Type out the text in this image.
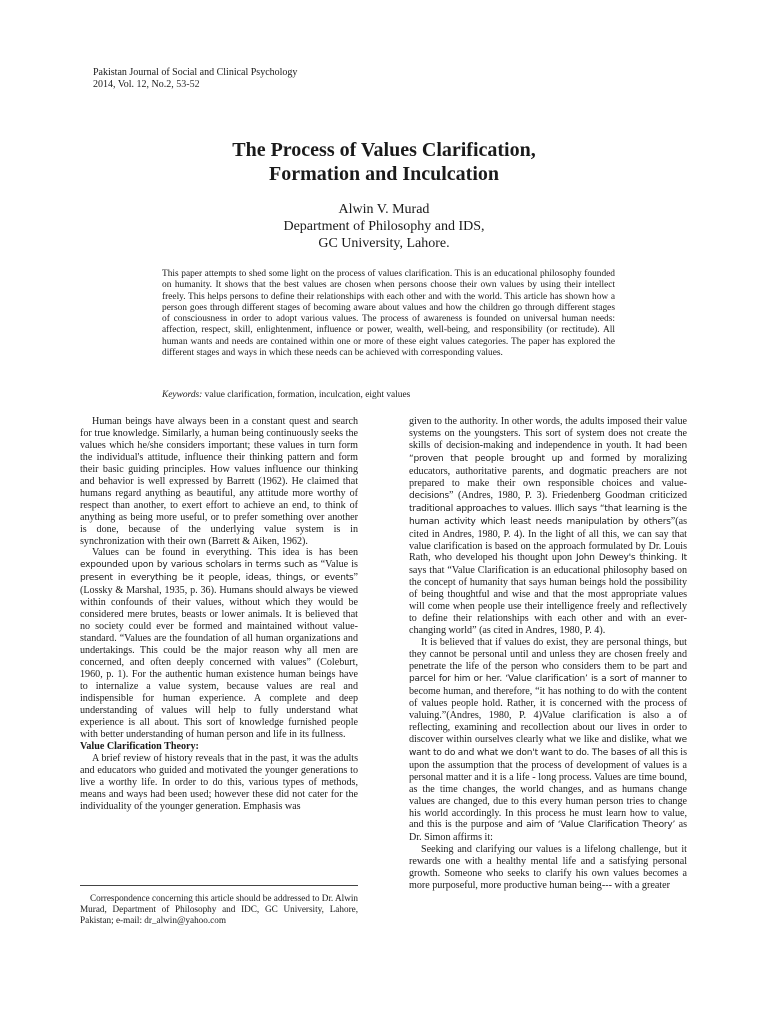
Pakistan Journal of Social and Clinical Psychology
2014, Vol. 12, No.2, 53-52
The Process of Values Clarification,
Formation and Inculcation
Alwin V. Murad
Department of Philosophy and IDS,
GC University, Lahore.
This paper attempts to shed some light on the process of values clarification. This is an educational philosophy founded on humanity. It shows that the best values are chosen when persons choose their own values by using their intellect freely. This helps persons to define their relationships with each other and with the world. This article has shown how a person goes through different stages of becoming aware about values and how the children go through different stages of consciousness in order to adopt various values. The process of awareness is founded on universal human needs: affection, respect, skill, enlightenment, influence or power, wealth, well-being, and responsibility (or rectitude). All human wants and needs are contained within one or more of these eight values categories. The paper has explored the different stages and ways in which these needs can be achieved with corresponding values.
Keywords: value clarification, formation, inculcation, eight values

Human beings have always been in a constant quest and search for true knowledge. Similarly, a human being continuously seeks the values which he/she considers important; these values in turn form the individual's attitude, influence their thinking pattern and form their basic guiding principles. How values influence our thinking and behavior is well expressed by Barrett (1962). He claimed that humans regard anything as beautiful, any attitude more worthy of respect than another, to exert effort to achieve an end, to think of anything as being more useful, or to prefer something over another is done, because of the underlying value system is in synchronization with their own (Barrett & Aiken, 1962).

Values can be found in everything. This idea is has been expounded upon by various scholars in terms such as “Value is present in everything be it people, ideas, things, or events” (Lossky & Marshal, 1935, p. 36). Humans should always be viewed within confounds of their values, without which they would be considered mere brutes, beasts or lower animals. It is believed that no society could ever be formed and maintained without value-standard. “Values are the foundation of all human organizations and undertakings. This could be the major reason why all men are concerned, and often deeply concerned with values” (Coleburt, 1960, p. 1). For the authentic human existence human beings have to internalize a value system, because values are real and indispensible for human experience. A complete and deep understanding of values will help to fully understand what experience is all about. This sort of knowledge furnished people with better understanding of human person and life in its fullness.

Value Clarification Theory:

A brief review of history reveals that in the past, it was the adults and educators who guided and motivated the younger generations to live a worthy life. In order to do this, various types of methods, means and ways had been used; however these did not cater for the individuality of the younger generation. Emphasis was

Correspondence concerning this article should be addressed to Dr. Alwin Murad, Department of Philosophy and IDC, GC University, Lahore, Pakistan; e-mail: dr_alwin@yahoo.com

given to the authority. In other words, the adults imposed their value systems on the youngsters. This sort of system does not create the skills of decision-making and independence in youth. It had been “proven that people brought up and formed by moralizing educators, authoritative parents, and dogmatic preachers are not prepared to make their own responsible choices and value-decisions” (Andres, 1980, P. 3). Friedenberg Goodman criticized traditional approaches to values. Illich says “that learning is the human activity which least needs manipulation by others”(as cited in Andres, 1980, P. 4). In the light of all this, we can say that value clarification is based on the approach formulated by Dr. Louis Rath, who developed his thought upon John Dewey's thinking. It says that “Value Clarification is an educational philosophy based on the concept of humanity that says human beings hold the possibility of being thoughtful and wise and that the most appropriate values will come when people use their intelligence freely and reflectively to define their relationships with each other and with an ever-changing world” (as cited in Andres, 1980, P. 4).

It is believed that if values do exist, they are personal things, but they cannot be personal until and unless they are chosen freely and penetrate the life of the person who considers them to be part and parcel for him or her. ‘Value clarification’ is a sort of manner to become human, and therefore, “it has nothing to do with the content of values people hold. Rather, it is concerned with the process of valuing.”(Andres, 1980, P. 4)Value clarification is also a of reflecting, examining and recollection about our lives in order to discover within ourselves clearly what we like and dislike, what we want to do and what we don't want to do. The bases of all this is upon the assumption that the process of development of values is a personal matter and it is a life - long process. Values are time bound, as the time changes, the world changes, and as humans change values are changed, due to this every human person tries to change his world accordingly. In this process he must learn how to value, and this is the purpose and aim of ‘Value Clarification Theory’ as Dr. Simon affirms it:

Seeking and clarifying our values is a lifelong challenge, but it rewards one with a healthy mental life and a satisfying personal growth. Someone who seeks to clarify his own values becomes a more purposeful, more productive human being--- with a greater
